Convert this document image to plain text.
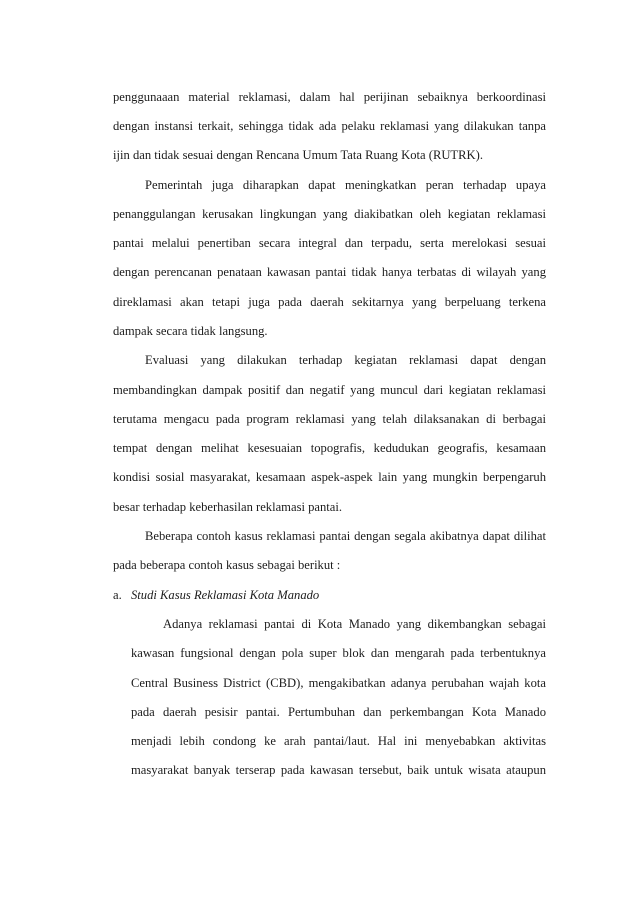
penggunaaan material reklamasi, dalam hal perijinan sebaiknya berkoordinasi
dengan instansi terkait, sehingga tidak ada pelaku reklamasi yang dilakukan tanpa
ijin dan tidak sesuai dengan Rencana Umum Tata Ruang Kota (RUTRK).
Pemerintah juga diharapkan dapat meningkatkan peran terhadap upaya
penanggulangan kerusakan lingkungan yang diakibatkan oleh kegiatan reklamasi
pantai melalui penertiban secara integral dan terpadu, serta merelokasi sesuai
dengan perencanan penataan kawasan pantai tidak hanya terbatas di wilayah yang
direklamasi akan tetapi juga pada daerah sekitarnya yang berpeluang terkena
dampak secara tidak langsung.
Evaluasi yang dilakukan terhadap kegiatan reklamasi dapat dengan
membandingkan dampak positif dan negatif yang muncul dari kegiatan reklamasi
terutama mengacu pada program reklamasi yang telah dilaksanakan di berbagai
tempat dengan melihat kesesuaian topografis, kedudukan geografis, kesamaan
kondisi sosial masyarakat, kesamaan aspek-aspek lain yang mungkin berpengaruh
besar terhadap keberhasilan reklamasi pantai.
Beberapa contoh kasus reklamasi pantai dengan segala akibatnya dapat dilihat
pada beberapa contoh kasus sebagai berikut :
a. Studi Kasus Reklamasi Kota Manado
Adanya reklamasi pantai di Kota Manado yang dikembangkan sebagai
kawasan fungsional dengan pola super blok dan mengarah pada terbentuknya
Central Business District (CBD), mengakibatkan adanya perubahan wajah kota
pada daerah pesisir pantai. Pertumbuhan dan perkembangan Kota Manado
menjadi lebih condong ke arah pantai/laut. Hal ini menyebabkan aktivitas
masyarakat banyak terserap pada kawasan tersebut, baik untuk wisata ataupun
